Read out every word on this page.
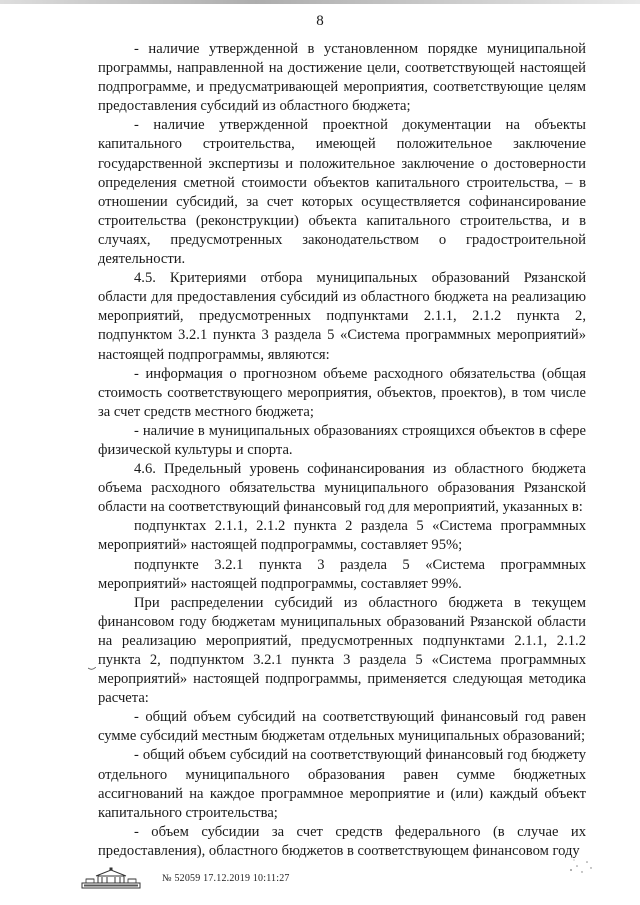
8

- наличие утвержденной в установленном порядке муниципальной программы, направленной на достижение цели, соответствующей настоящей подпрограмме, и предусматривающей мероприятия, соответствующие целям предоставления субсидий из областного бюджета;

- наличие утвержденной проектной документации на объекты капитального строительства, имеющей положительное заключение государственной экспертизы и положительное заключение о достоверности определения сметной стоимости объектов капитального строительства, – в отношении субсидий, за счет которых осуществляется софинансирование строительства (реконструкции) объекта капитального строительства, и в случаях, предусмотренных законодательством о градостроительной деятельности.

4.5. Критериями отбора муниципальных образований Рязанской области для предоставления субсидий из областного бюджета на реализацию мероприятий, предусмотренных подпунктами 2.1.1, 2.1.2 пункта 2, подпунктом 3.2.1 пункта 3 раздела 5 «Система программных мероприятий» настоящей подпрограммы, являются:

- информация о прогнозном объеме расходного обязательства (общая стоимость соответствующего мероприятия, объектов, проектов), в том числе за счет средств местного бюджета;

- наличие в муниципальных образованиях строящихся объектов в сфере физической культуры и спорта.

4.6. Предельный уровень софинансирования из областного бюджета объема расходного обязательства муниципального образования Рязанской области на соответствующий финансовый год для мероприятий, указанных в:

подпунктах 2.1.1, 2.1.2 пункта 2 раздела 5 «Система программных мероприятий» настоящей подпрограммы, составляет 95%;

подпункте 3.2.1 пункта 3 раздела 5 «Система программных мероприятий» настоящей подпрограммы, составляет 99%.

При распределении субсидий из областного бюджета в текущем финансовом году бюджетам муниципальных образований Рязанской области на реализацию мероприятий, предусмотренных подпунктами 2.1.1, 2.1.2 пункта 2, подпунктом 3.2.1 пункта 3 раздела 5 «Система программных мероприятий» настоящей подпрограммы, применяется следующая методика расчета:

- общий объем субсидий на соответствующий финансовый год равен сумме субсидий местным бюджетам отдельных муниципальных образований;

- общий объем субсидий на соответствующий финансовый год бюджету отдельного муниципального образования равен сумме бюджетных ассигнований на каждое программное мероприятие и (или) каждый объект капитального строительства;

- объем субсидии за счет средств федерального (в случае их предоставления), областного бюджетов в соответствующем финансовом году

№ 52059 17.12.2019 10:11:27
